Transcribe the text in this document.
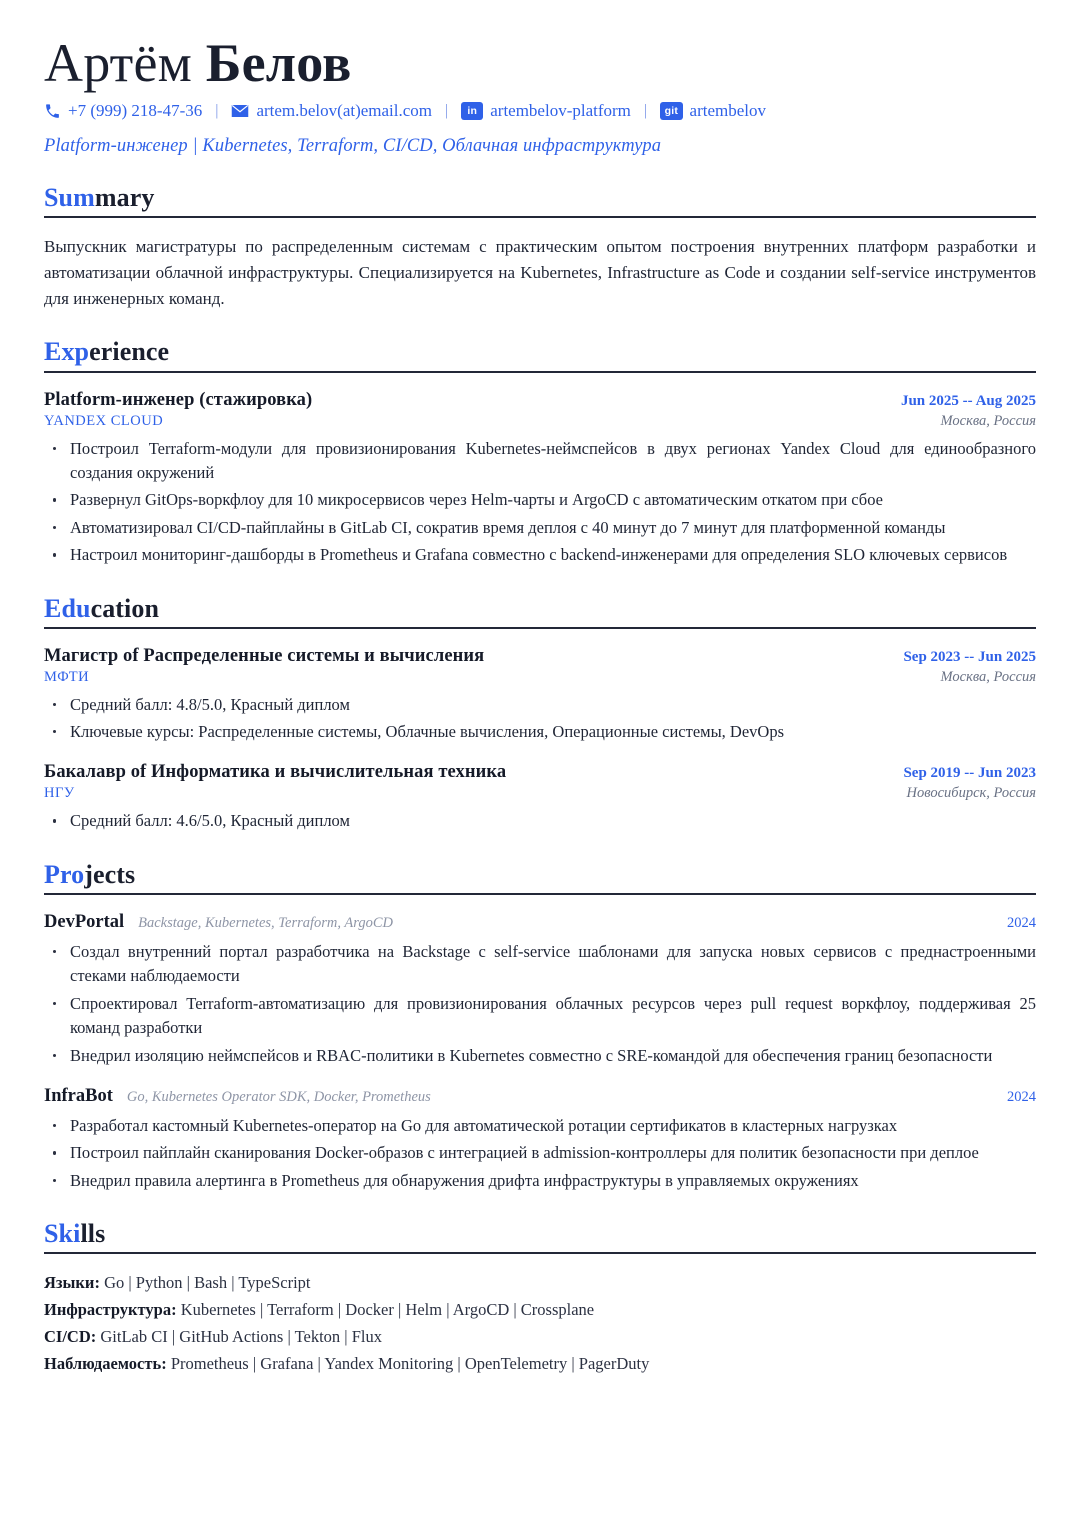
Артём Белов
+7 (999) 218-47-36 | artem.belov(at)email.com |	in artembelov-platform |	git artembelov
Platform-инженер | Kubernetes, Terraform, CI/CD, Облачная инфраструктура
Summary

Выпускник магистратуры по распределенным системам с практическим опытом построения внутренних платформ разработки и автоматизации облачной инфраструктуры. Специализируется на Kubernetes, Infrastructure as Code и создании self-service инструментов для инженерных команд.

Experience
Platform-инженер (стажировка)	Jun 2025 -- Aug 2025
YANDEX CLOUD	Москва, Россия
Построил Terraform-модули для провизионирования Kubernetes-неймспейсов в двух регионах Yandex Cloud для единообразного создания окружений
Развернул GitOps-воркфлоу для 10 микросервисов через Helm-чарты и ArgoCD с автоматическим откатом при сбое
Автоматизировал CI/CD-пайплайны в GitLab CI, сократив время деплоя с 40 минут до 7 минут для платформенной команды
Настроил мониторинг-дашборды в Prometheus и Grafana совместно с backend-инженерами для определения SLO ключевых сервисов
Education
Магистр of Распределенные системы и вычисления	Sep 2023 -- Jun 2025
МФТИ	Москва, Россия
Средний балл: 4.8/5.0, Красный диплом
Ключевые курсы: Распределенные системы, Облачные вычисления, Операционные системы, DevOps
Бакалавр of Информатика и вычислительная техника	Sep 2019 -- Jun 2023
НГУ	Новосибирск, Россия
Средний балл: 4.6/5.0, Красный диплом
Projects
DevPortal Backstage, Kubernetes, Terraform, ArgoCD	2024
Создал внутренний портал разработчика на Backstage с self-service шаблонами для запуска новых сервисов с преднастроенными стеками наблюдаемости
Спроектировал Terraform-автоматизацию для провизионирования облачных ресурсов через pull request воркфлоу, поддерживая 25 команд разработки
Внедрил изоляцию неймспейсов и RBAC-политики в Kubernetes совместно с SRE-командой для обеспечения границ безопасности
InfraBot Go, Kubernetes Operator SDK, Docker, Prometheus	2024
Разработал кастомный Kubernetes-оператор на Go для автоматической ротации сертификатов в кластерных нагрузках
Построил пайплайн сканирования Docker-образов с интеграцией в admission-контроллеры для политик безопасности при деплое
Внедрил правила алертинга в Prometheus для обнаружения дрифта инфраструктуры в управляемых окружениях
Skills
Языки: Go | Python | Bash | TypeScript
Инфраструктура: Kubernetes | Terraform | Docker | Helm | ArgoCD | Crossplane
CI/CD: GitLab CI | GitHub Actions | Tekton | Flux
Наблюдаемость: Prometheus | Grafana | Yandex Monitoring | OpenTelemetry | PagerDuty
